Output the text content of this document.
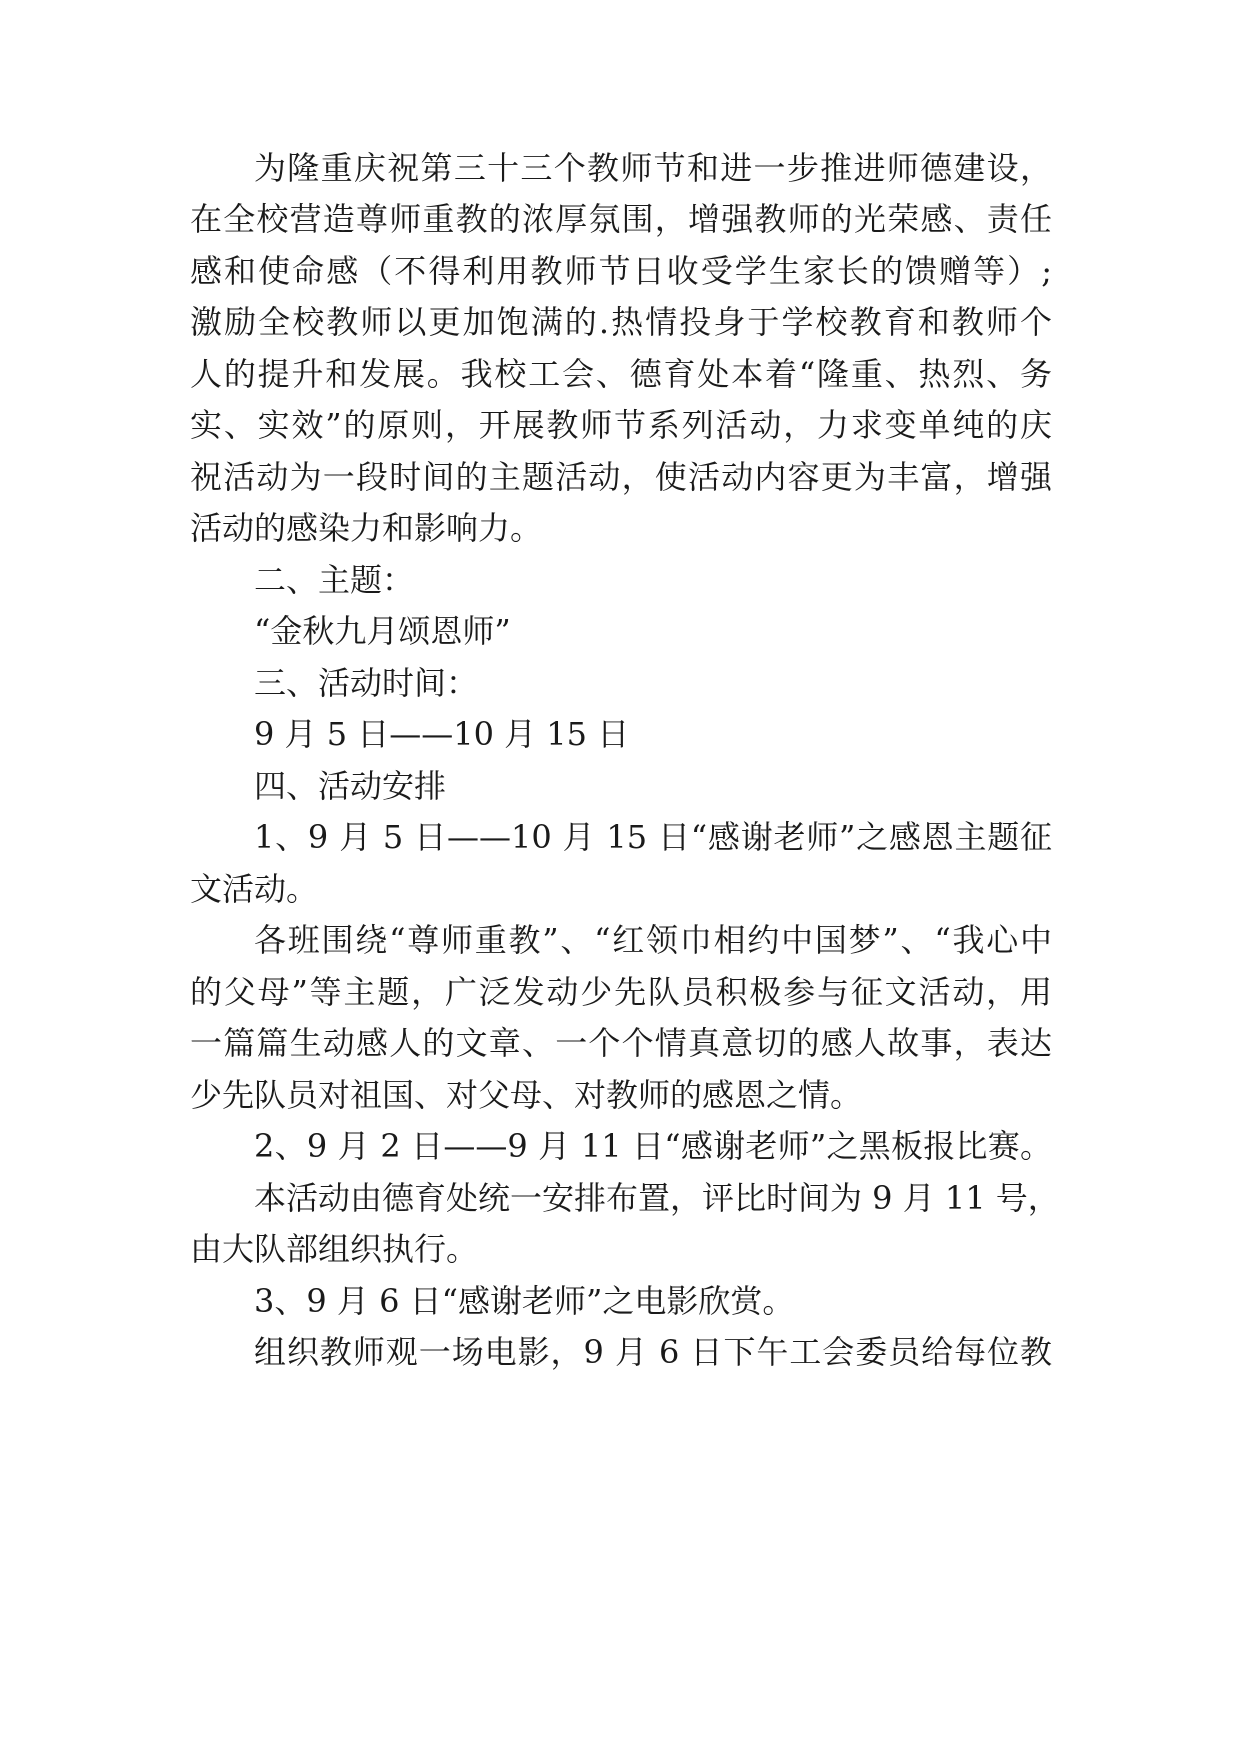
为隆重庆祝第三十三个教师节和进一步推进师德建设，
在全校营造尊师重教的浓厚氛围，增强教师的光荣感、责任
感和使命感（不得利用教师节日收受学生家长的馈赠等）;
激励全校教师以更加饱满的.热情投身于学校教育和教师个
人的提升和发展。我校工会、德育处本着“隆重、热烈、务
实、实效”的原则，开展教师节系列活动，力求变单纯的庆
祝活动为一段时间的主题活动，使活动内容更为丰富，增强
活动的感染力和影响力。
二、主题：
“金秋九月颂恩师”
三、活动时间：
9 月 5 日——10 月 15 日
四、活动安排
1、9 月 5 日——10 月 15 日“感谢老师”之感恩主题征
文活动。
各班围绕“尊师重教”、“红领巾相约中国梦”、“我心中
的父母”等主题，广泛发动少先队员积极参与征文活动，用
一篇篇生动感人的文章、一个个情真意切的感人故事，表达
少先队员对祖国、对父母、对教师的感恩之情。
2、9 月 2 日——9 月 11 日“感谢老师”之黑板报比赛。
本活动由德育处统一安排布置，评比时间为 9 月 11 号，
由大队部组织执行。
3、9 月 6 日“感谢老师”之电影欣赏。
组织教师观一场电影，9 月 6 日下午工会委员给每位教
